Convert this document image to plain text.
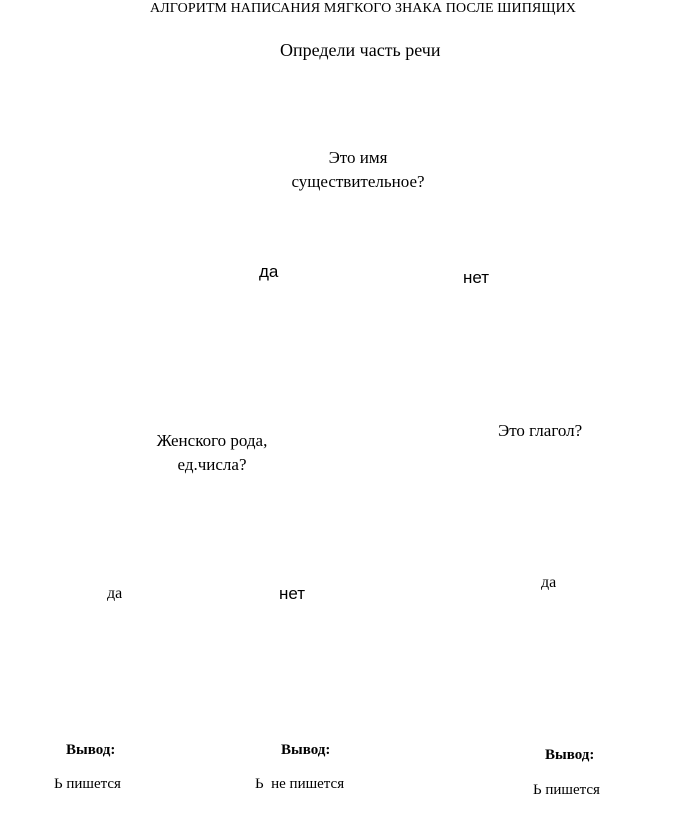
АЛГОРИТМ НАПИСАНИЯ МЯГКОГО ЗНАКА ПОСЛЕ ШИПЯЩИХ
Определи часть речи
Это имя
существительное?
да	нет
Женского рода,
ед.числа?
Это глагол?
да	нет
да
Вывод:
Ь пишется
Вывод:
Ь  не пишется
Вывод:
Ь пишется
